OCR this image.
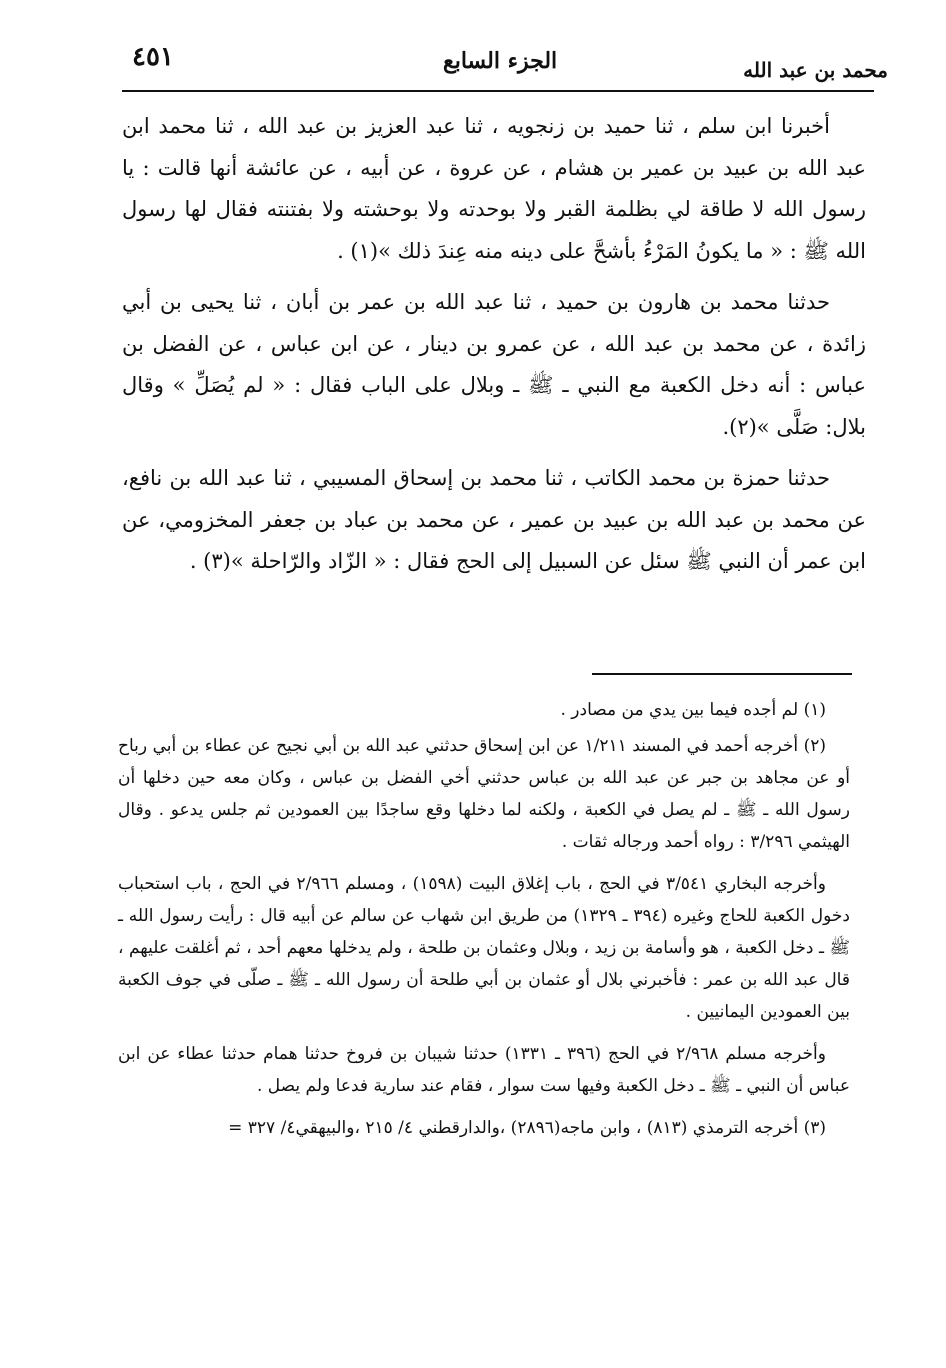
٤٥١	الجزء السابع	محمد بن عبد الله

أخبرنا ابن سلم ، ثنا حميد بن زنجويه ، ثنا عبد العزيز بن عبد الله ، ثنا محمد ابن عبد الله بن عبيد بن عمير بن هشام ، عن عروة ، عن أبيه ، عن عائشة أنها قالت : يا رسول الله لا طاقة لي بظلمة القبر ولا بوحدته ولا بوحشته ولا بفتنته فقال لها رسول الله ﷺ : « ما يكونُ المَرْءُ بأشحَّ على دينه منه عِندَ ذلك »(١) .

حدثنا محمد بن هارون بن حميد ، ثنا عبد الله بن عمر بن أبان ، ثنا يحيى بن أبي زائدة ، عن محمد بن عبد الله ، عن عمرو بن دينار ، عن ابن عباس ، عن الفضل بن عباس : أنه دخل الكعبة مع النبي ـ ﷺ ـ وبلال على الباب فقال : « لم يُصَلِّ » وقال بلال: صَلَّى »(٢).

حدثنا حمزة بن محمد الكاتب ، ثنا محمد بن إسحاق المسيبي ، ثنا عبد الله بن نافع، عن محمد بن عبد الله بن عبيد بن عمير ، عن محمد بن عباد بن جعفر المخزومي، عن ابن عمر أن النبي ﷺ سئل عن السبيل إلى الحج فقال : « الزّاد والرّاحلة »(٣) .

(١) لم أجده فيما بين يدي من مصادر .

(٢) أخرجه أحمد في المسند ١/٢١١ عن ابن إسحاق حدثني عبد الله بن أبي نجيح عن عطاء بن أبي رباح أو عن مجاهد بن جبر عن عبد الله بن عباس حدثني أخي الفضل بن عباس ، وكان معه حين دخلها أن رسول الله ـ ﷺ ـ لم يصل في الكعبة ، ولكنه لما دخلها وقع ساجدًا بين العمودين ثم جلس يدعو . وقال الهيثمي ٣/٢٩٦ : رواه أحمد ورجاله ثقات .

وأخرجه البخاري ٣/٥٤١ في الحج ، باب إغلاق البيت (١٥٩٨) ، ومسلم ٢/٩٦٦ في الحج ، باب استحباب دخول الكعبة للحاج وغيره (٣٩٤ ـ ١٣٢٩) من طريق ابن شهاب عن سالم عن أبيه قال : رأيت رسول الله ـ ﷺ ـ دخل الكعبة ، هو وأسامة بن زيد ، وبلال وعثمان بن طلحة ، ولم يدخلها معهم أحد ، ثم أغلقت عليهم ، قال عبد الله بن عمر : فأخبرني بلال أو عثمان بن أبي طلحة أن رسول الله ـ ﷺ ـ صلّى في جوف الكعبة بين العمودين اليمانيين .

وأخرجه مسلم ٢/٩٦٨ في الحج (٣٩٦ ـ ١٣٣١) حدثنا شيبان بن فروخ حدثنا همام حدثنا عطاء عن ابن عباس أن النبي ـ ﷺ ـ دخل الكعبة وفيها ست سوار ، فقام عند سارية فدعا ولم يصل .

(٣) أخرجه الترمذي (٨١٣) ، وابن ماجه(٢٨٩٦) ،والدارقطني ٤/ ٢١٥ ،والبيهقي٤/ ٣٢٧ =
